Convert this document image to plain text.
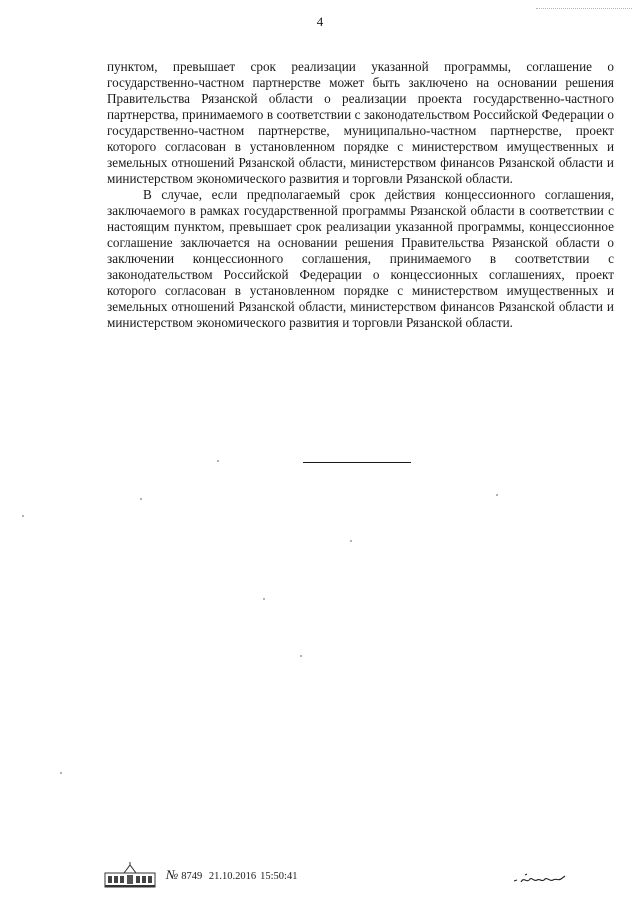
4

пунктом, превышает срок реализации указанной программы, соглашение о государственно-частном партнерстве может быть заключено на основании решения Правительства Рязанской области о реализации проекта государственно-частного партнерства, принимаемого в соответствии с законодательством Российской Федерации о государственно-частном партнерстве, муниципально-частном партнерстве, проект которого согласован в установленном порядке с министерством имущественных и земельных отношений Рязанской области, министерством финансов Рязанской области и министерством экономического развития и торговли Рязанской области.

В случае, если предполагаемый срок действия концессионного соглашения, заключаемого в рамках государственной программы Рязанской области в соответствии с настоящим пунктом, превышает срок реализации указанной программы, концессионное соглашение заключается на основании решения Правительства Рязанской области о заключении концессионного соглашения, принимаемого в соответствии с законодательством Российской Федерации о концессионных соглашениях, проект которого согласован в установленном порядке с министерством имущественных и земельных отношений Рязанской области, министерством финансов Рязанской области и министерством экономического развития и торговли Рязанской области.

№ 8749 21.10.2016 15:50:41
